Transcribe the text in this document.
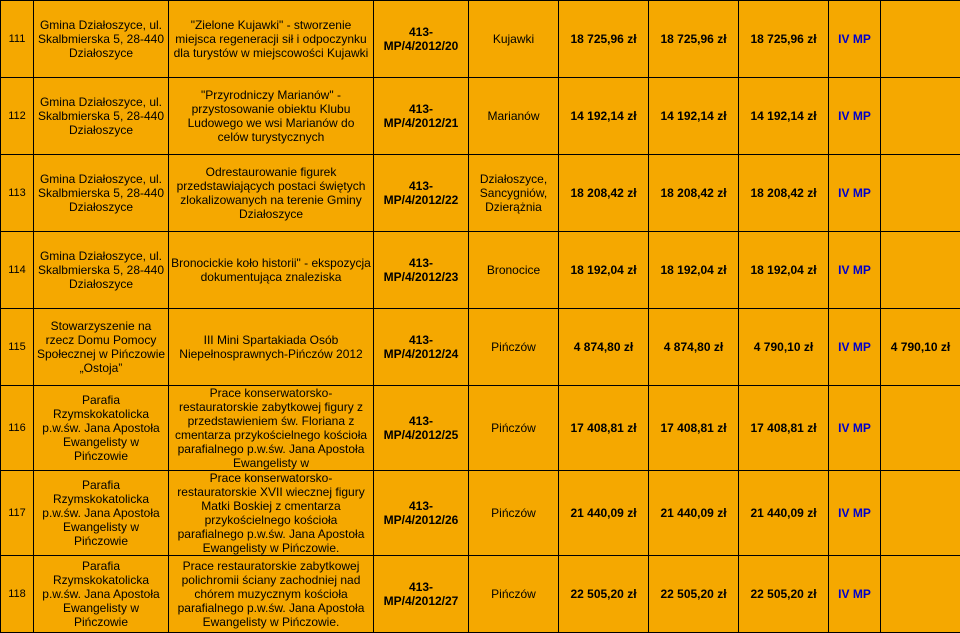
111	Gmina Działoszyce, ul. Skalbmierska 5, 28-440 Działoszyce	"Zielone Kujawki" - stworzenie miejsca regeneracji sił i odpoczynku dla turystów w miejscowości Kujawki	413-MP/4/2012/20	Kujawki	18 725,96 zł	18 725,96 zł	18 725,96 zł	IV MP	
112	Gmina Działoszyce, ul. Skalbmierska 5, 28-440 Działoszyce	"Przyrodniczy Marianów" - przystosowanie obiektu Klubu Ludowego we wsi Marianów do celów turystycznych	413-MP/4/2012/21	Marianów	14 192,14 zł	14 192,14 zł	14 192,14 zł	IV MP	
113	Gmina Działoszyce, ul. Skalbmierska 5, 28-440 Działoszyce	Odrestaurowanie figurek przedstawiających postaci świętych zlokalizowanych na terenie Gminy Działoszyce	413-MP/4/2012/22	Działoszyce, Sancygniów, Dzierążnia	18 208,42 zł	18 208,42 zł	18 208,42 zł	IV MP	
114	Gmina Działoszyce, ul. Skalbmierska 5, 28-440 Działoszyce	Bronocickie koło historii" - ekspozycja dokumentująca znaleziska	413-MP/4/2012/23	Bronocice	18 192,04 zł	18 192,04 zł	18 192,04 zł	IV MP	
115	Stowarzyszenie na rzecz Domu Pomocy Społecznej w Pińczowie „Ostoja”	III Mini Spartakiada Osób Niepełnosprawnych-Pińczów 2012	413-MP/4/2012/24	Pińczów	4 874,80 zł	4 874,80 zł	4 790,10 zł	IV MP	4 790,10 zł
116	Parafia Rzymskokatolicka p.w.św. Jana Apostoła Ewangelisty w Pińczowie	Prace konserwatorsko-restauratorskie zabytkowej figury z przedstawieniem św. Floriana z cmentarza przykościelnego kościoła parafialnego p.w.św. Jana Apostoła Ewangelisty w	413-MP/4/2012/25	Pińczów	17 408,81 zł	17 408,81 zł	17 408,81 zł	IV MP	
117	Parafia Rzymskokatolicka p.w.św. Jana Apostoła Ewangelisty w Pińczowie	Prace konserwatorsko-restauratorskie XVII wiecznej figury Matki Boskiej z cmentarza przykościelnego kościoła parafialnego p.w.św. Jana Apostoła Ewangelisty w Pińczowie.	413-MP/4/2012/26	Pińczów	21 440,09 zł	21 440,09 zł	21 440,09 zł	IV MP	
118	Parafia Rzymskokatolicka p.w.św. Jana Apostoła Ewangelisty w Pińczowie	Prace restauratorskie zabytkowej polichromii ściany zachodniej nad chórem muzycznym kościoła parafialnego p.w.św. Jana Apostoła Ewangelisty w Pińczowie.	413-MP/4/2012/27	Pińczów	22 505,20 zł	22 505,20 zł	22 505,20 zł	IV MP	
